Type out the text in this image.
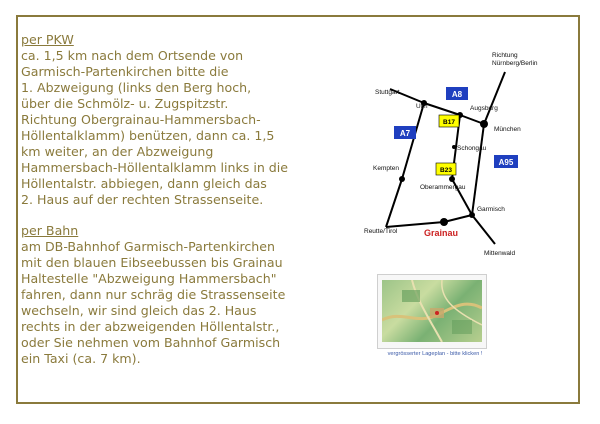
per PKW
ca. 1,5 km nach dem Ortsende von
Garmisch-Partenkirchen bitte die
1. Abzweigung (links den Berg hoch,
über die Schmölz- u. Zugspitzstr.
Richtung Obergrainau-Hammersbach-
Höllentalklamm) benützen, dann ca. 1,5
km weiter, an der Abzweigung
Hammersbach-Höllentalklamm links in die
Höllentalstr. abbiegen, dann gleich das
2. Haus auf der rechten Strassenseite.
per Bahn
am DB-Bahnhof Garmisch-Partenkirchen
mit den blauen Eibseebussen bis Grainau
Haltestelle "Abzweigung Hammersbach"
fahren, dann nur schräg die Strassenseite
wechseln, wir sind gleich das 2. Haus
rechts in der abzweigenden Höllentalstr.,
oder Sie nehmen vom Bahnhof Garmisch
ein Taxi (ca. 7 km).
A8
A7
A95
B17
B23
Stuttgart
Ulm	Augsburg
Richtung
Nürnberg/Berlin
München
Schongau
Kempten
Oberammergau
Garmisch
Reutte/Tirol
Mittenwald
Grainau
vergrösserter Lageplan - bitte klicken !
